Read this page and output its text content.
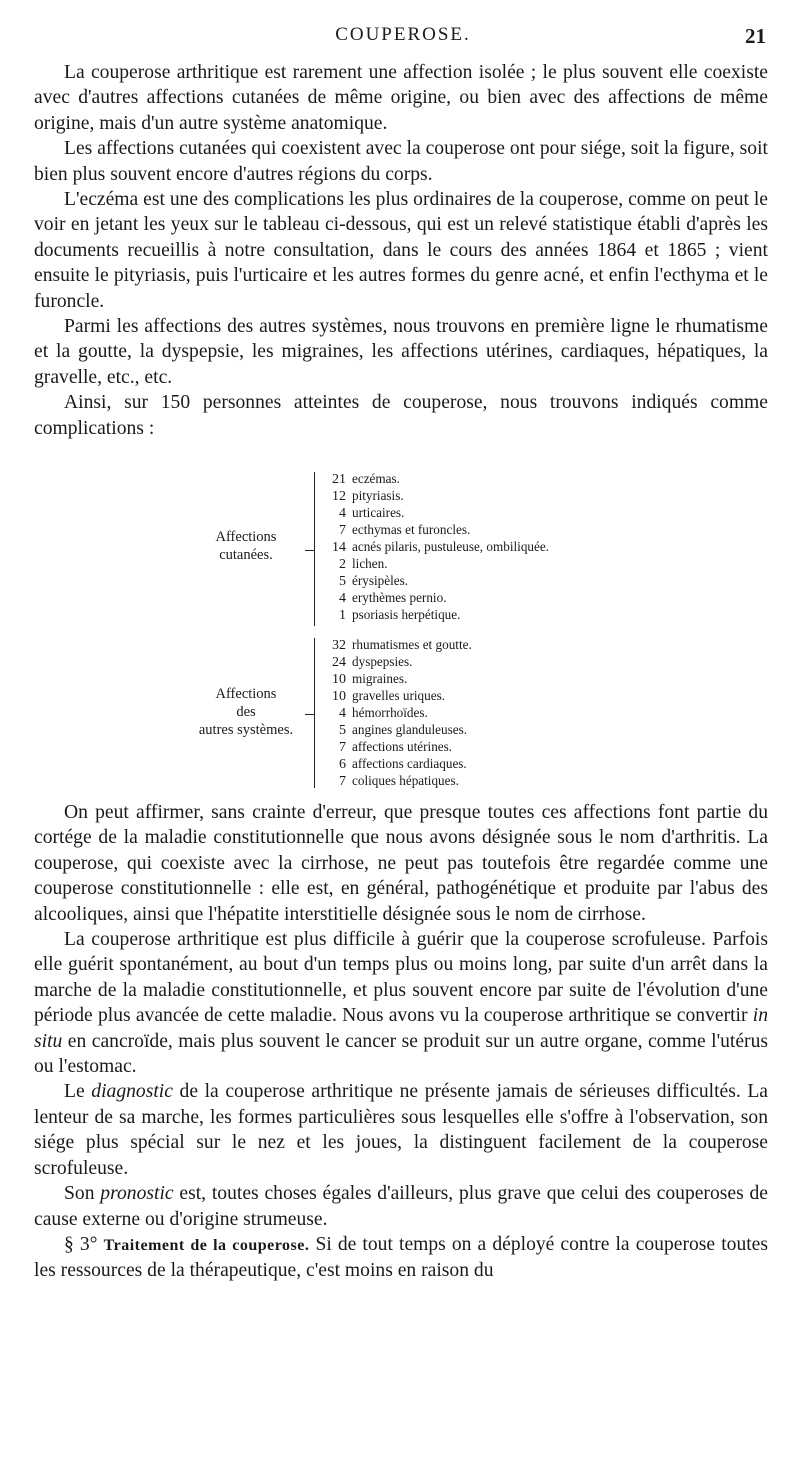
COUPEROSE.	21

La couperose arthritique est rarement une affection isolée ; le plus souvent elle coexiste avec d'autres affections cutanées de même origine, ou bien avec des affections de même origine, mais d'un autre système anatomique.

Les affections cutanées qui coexistent avec la couperose ont pour siége, soit la figure, soit bien plus souvent encore d'autres régions du corps.

L'eczéma est une des complications les plus ordinaires de la couperose, comme on peut le voir en jetant les yeux sur le tableau ci-dessous, qui est un relevé statistique établi d'après les documents recueillis à notre consultation, dans le cours des années 1864 et 1865 ; vient ensuite le pityriasis, puis l'urticaire et les autres formes du genre acné, et enfin l'ecthyma et le furoncle.

Parmi les affections des autres systèmes, nous trouvons en première ligne le rhumatisme et la goutte, la dyspepsie, les migraines, les affections utérines, cardiaques, hépatiques, la gravelle, etc., etc.

Ainsi, sur 150 personnes atteintes de couperose, nous trouvons indiqués comme complications :

Affections
cutanées.
21 eczémas.
12 pityriasis.
4 urticaires.
7 ecthymas et furoncles.
14 acnés pilaris, pustuleuse, ombiliquée.
2 lichen.
5 érysipèles.
4 erythèmes pernio.
1 psoriasis herpétique.
Affections
des
autres systèmes.
32 rhumatismes et goutte.
24 dyspepsies.
10 migraines.
10 gravelles uriques.
4 hémorrhoïdes.
5 angines glanduleuses.
7 affections utérines.
6 affections cardiaques.
7 coliques hépatiques.

On peut affirmer, sans crainte d'erreur, que presque toutes ces affections font partie du cortége de la maladie constitutionnelle que nous avons désignée sous le nom d'arthritis. La couperose, qui coexiste avec la cirrhose, ne peut pas toutefois être regardée comme une couperose constitutionnelle : elle est, en général, pathogénétique et produite par l'abus des alcooliques, ainsi que l'hépatite interstitielle désignée sous le nom de cirrhose.

La couperose arthritique est plus difficile à guérir que la couperose scrofuleuse. Parfois elle guérit spontanément, au bout d'un temps plus ou moins long, par suite d'un arrêt dans la marche de la maladie constitutionnelle, et plus souvent encore par suite de l'évolution d'une période plus avancée de cette maladie. Nous avons vu la couperose arthritique se convertir in situ en cancroïde, mais plus souvent le cancer se produit sur un autre organe, comme l'utérus ou l'estomac.

Le diagnostic de la couperose arthritique ne présente jamais de sérieuses difficultés. La lenteur de sa marche, les formes particulières sous lesquelles elle s'offre à l'observation, son siége plus spécial sur le nez et les joues, la distinguent facilement de la couperose scrofuleuse.

Son pronostic est, toutes choses égales d'ailleurs, plus grave que celui des couperoses de cause externe ou d'origine strumeuse.

§ 3° Traitement de la couperose. Si de tout temps on a déployé contre la couperose toutes les ressources de la thérapeutique, c'est moins en raison du
